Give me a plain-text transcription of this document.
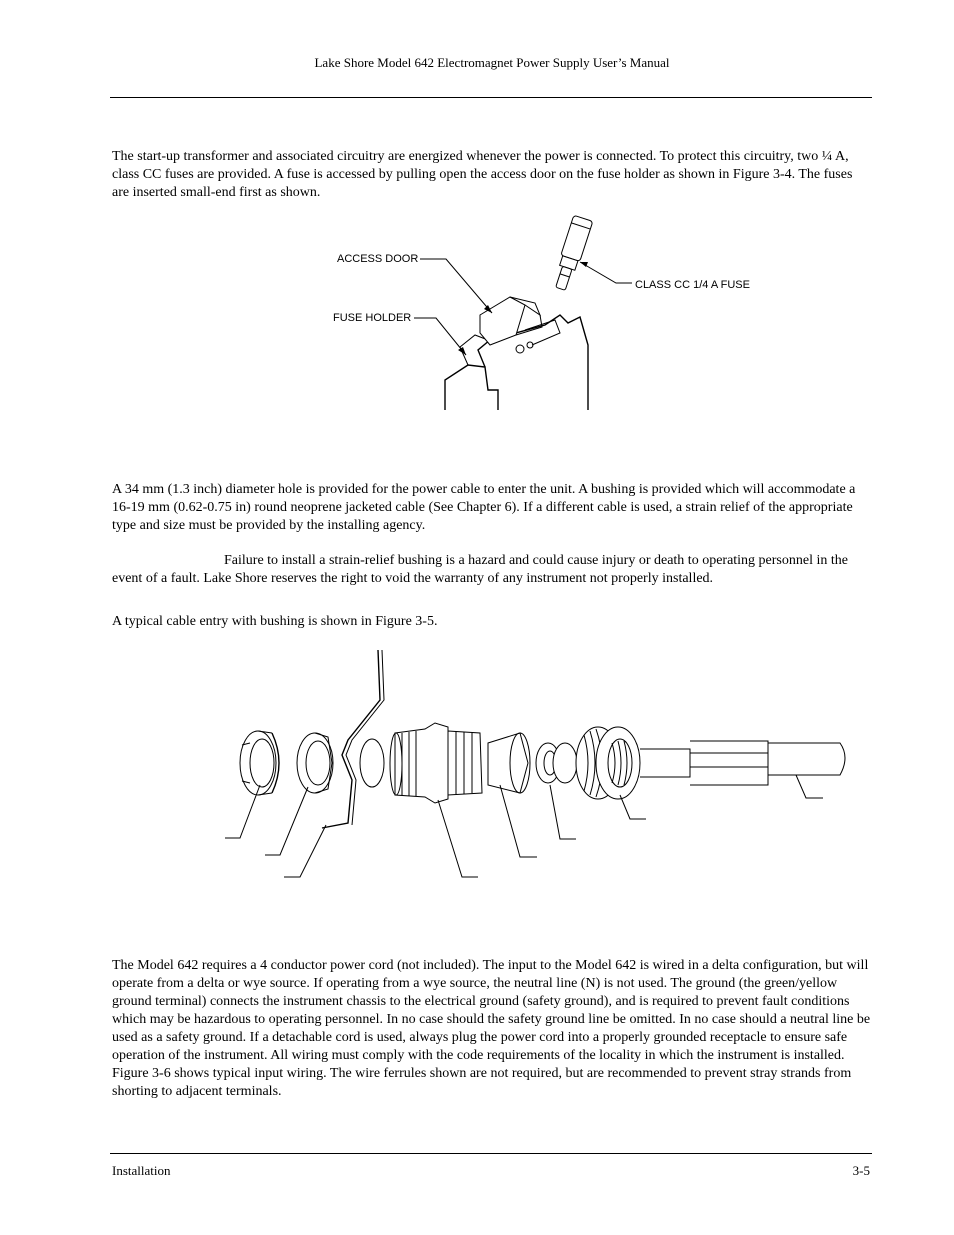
Lake Shore Model 642 Electromagnet Power Supply User’s Manual
The start-up transformer and associated circuitry are energized whenever the power is connected. To protect this circuitry, two ¼ A, class CC fuses are provided. A fuse is accessed by pulling open the access door on the fuse holder as shown in Figure 3-4. The fuses are inserted small-end first as shown.
ACCESS DOOR
FUSE HOLDER
CLASS CC 1/4 A FUSE
A 34 mm (1.3 inch) diameter hole is provided for the power cable to enter the unit. A bushing is provided which will accommodate a 16-19 mm (0.62-0.75 in) round neoprene jacketed cable (See Chapter 6). If a different cable is used, a strain relief of the appropriate type and size must be provided by the installing agency.
Failure to install a strain-relief bushing is a hazard and could cause injury or death to operating personnel in the event of a fault. Lake Shore reserves the right to void the warranty of any instrument not properly installed.
A typical cable entry with bushing is shown in Figure 3-5.
The Model 642 requires a 4 conductor power cord (not included). The input to the Model 642 is wired in a delta configuration, but will operate from a delta or wye source. If operating from a wye source, the neutral line (N) is not used. The ground (the green/yellow ground terminal) connects the instrument chassis to the electrical ground (safety ground), and is required to prevent fault conditions which may be hazardous to operating personnel. In no case should the safety ground line be omitted. In no case should a neutral line be used as a safety ground. If a detachable cord is used, always plug the power cord into a properly grounded receptacle to ensure safe operation of the instrument. All wiring must comply with the code requirements of the locality in which the instrument is installed. Figure 3-6 shows typical input wiring. The wire ferrules shown are not required, but are recommended to prevent stray strands from shorting to adjacent terminals.
Installation	3-5
